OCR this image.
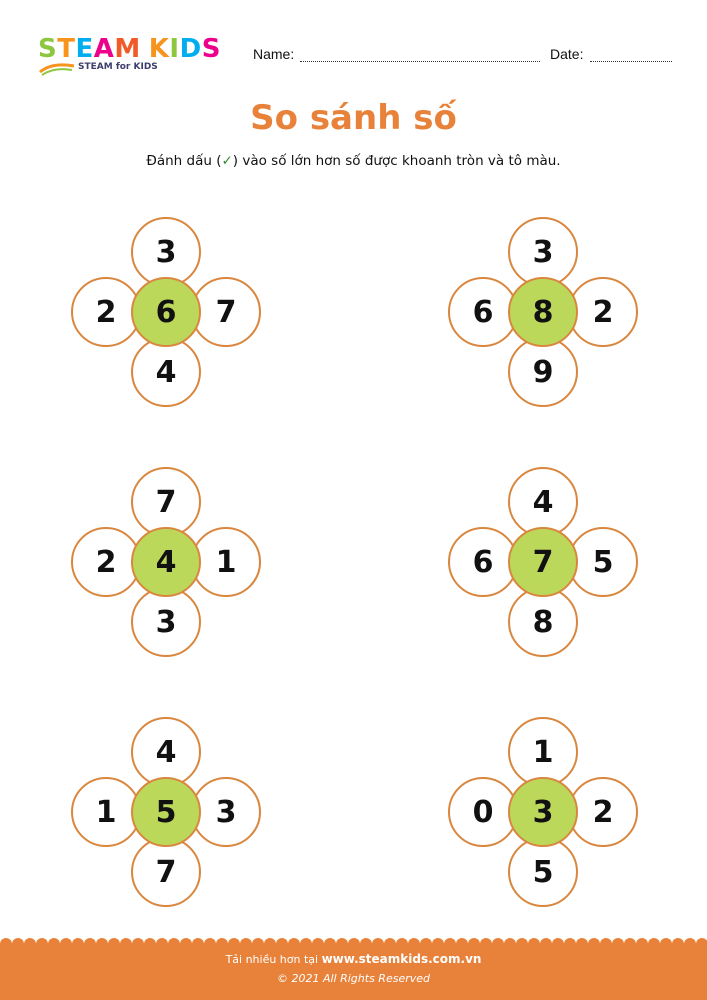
STEAM KIDS
STEAM for KIDS
Name:	Date:
So sánh số
Đánh dấu (✓) vào số lớn hơn số được khoanh tròn và tô màu.
3
2	7
4
6
3
6	2
9
8
7
2	1
3
4
4
6	5
8
7
4
1	3
7
5
1
0	2
5
3
Tải nhiều hơn tại www.steamkids.com.vn
© 2021 All Rights Reserved
